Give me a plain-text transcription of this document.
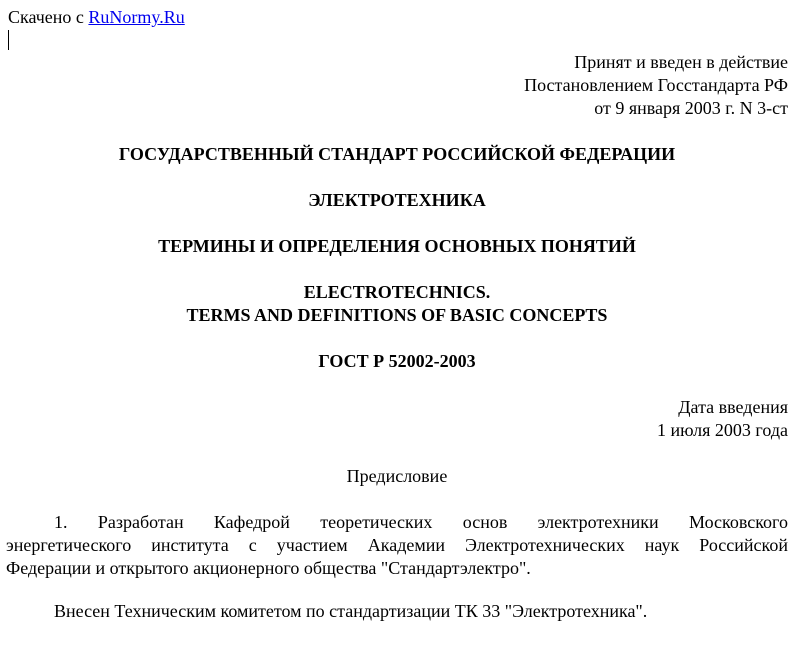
Скачено с RuNormy.Ru
Принят и введен в действие
Постановлением Госстандарта РФ
от 9 января 2003 г. N 3-ст
ГОСУДАРСТВЕННЫЙ СТАНДАРТ РОССИЙСКОЙ ФЕДЕРАЦИИ
ЭЛЕКТРОТЕХНИКА
ТЕРМИНЫ И ОПРЕДЕЛЕНИЯ ОСНОВНЫХ ПОНЯТИЙ
ELECTROTECHNICS.
TERMS AND DEFINITIONS OF BASIC CONCEPTS
ГОСТ Р 52002-2003
Дата введения
1 июля 2003 года
Предисловие
1. Разработан Кафедрой теоретических основ электротехники Московского
энергетического института с участием Академии Электротехнических наук Российской
Федерации и открытого акционерного общества "Стандартэлектро".
Внесен Техническим комитетом по стандартизации ТК 33 "Электротехника".
